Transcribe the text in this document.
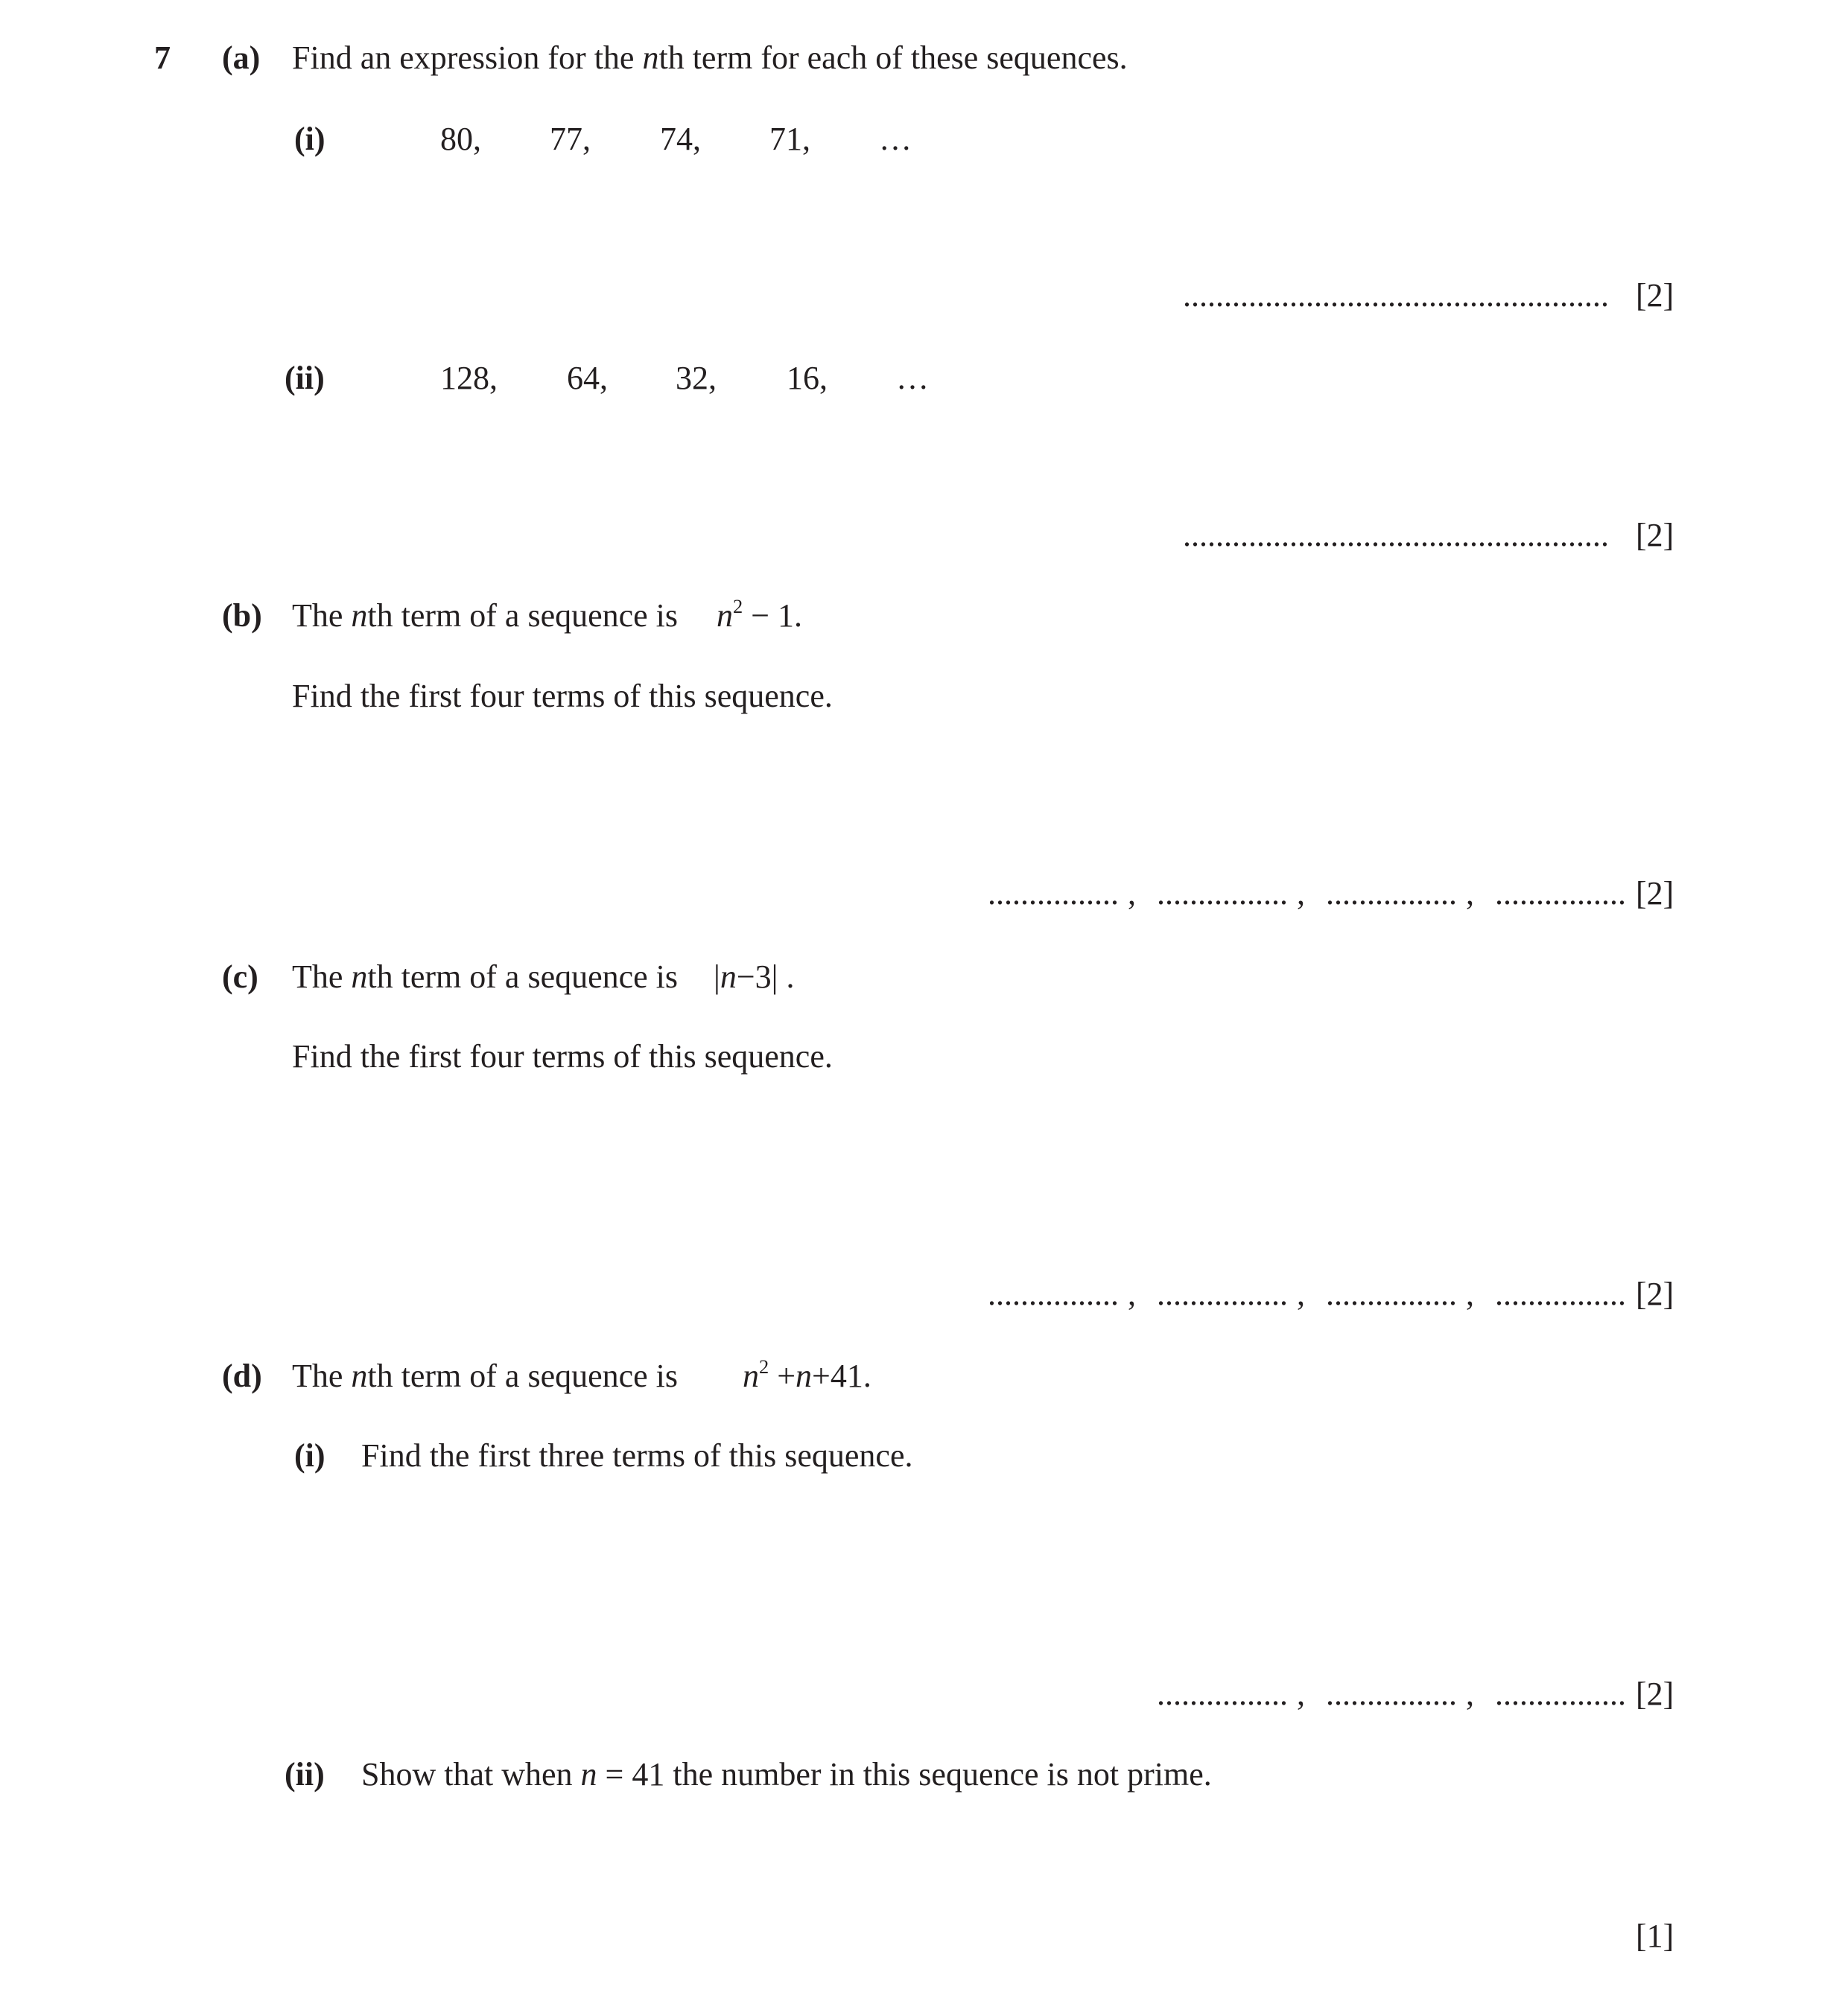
7 (a) Find an expression for the nth term for each of these sequences.
(i)	80, 77, 74, 71, …
.................................................... [2]
(ii)	128, 64, 32, 16, …
.................................................... [2]
(b) The nth term of a sequence is $n^2 - 1$.
Find the first four terms of this sequence.
................ , ................ , ................ , ................ [2]
(c) The nth term of a sequence is |n−3| .
Find the first four terms of this sequence.
................ , ................ , ................ , ................ [2]
(d) The nth term of a sequence is $n^2 +n+41$.
(i) Find the first three terms of this sequence.
................ , ................ , ................ [2]
(ii) Show that when n = 41 the number in this sequence is not prime.
[1]
